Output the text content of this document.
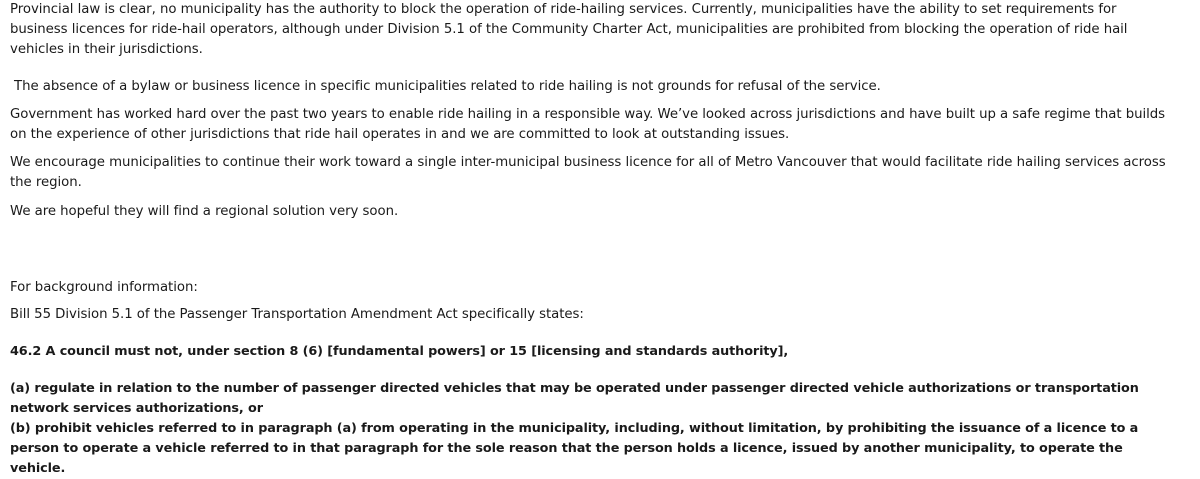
Provincial law is clear, no municipality has the authority to block the operation of ride-hailing services. Currently, municipalities have the ability to set requirements for business licences for ride-hail operators, although under Division 5.1 of the Community Charter Act, municipalities are prohibited from blocking the operation of ride hail vehicles in their jurisdictions.

The absence of a bylaw or business licence in specific municipalities related to ride hailing is not grounds for refusal of the service.

Government has worked hard over the past two years to enable ride hailing in a responsible way. We’ve looked across jurisdictions and have built up a safe regime that builds on the experience of other jurisdictions that ride hail operates in and we are committed to look at outstanding issues.

We encourage municipalities to continue their work toward a single inter-municipal business licence for all of Metro Vancouver that would facilitate ride hailing services across the region.

We are hopeful they will find a regional solution very soon.

For background information:

Bill 55 Division 5.1 of the Passenger Transportation Amendment Act specifically states:

46.2 A council must not, under section 8 (6) [fundamental powers] or 15 [licensing and standards authority],

(a) regulate in relation to the number of passenger directed vehicles that may be operated under passenger directed vehicle authorizations or transportation network services authorizations, or

(b) prohibit vehicles referred to in paragraph (a) from operating in the municipality, including, without limitation, by prohibiting the issuance of a licence to a person to operate a vehicle referred to in that paragraph for the sole reason that the person holds a licence, issued by another municipality, to operate the vehicle.
